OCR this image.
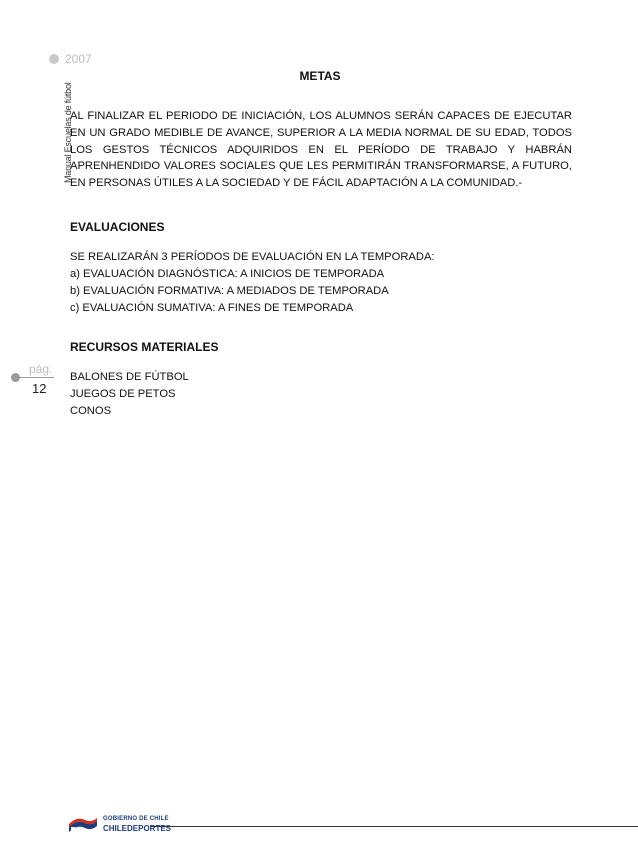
Manual Escuelas de fútbol
2007
pág.
12
METAS
AL FINALIZAR EL PERIODO DE INICIACIÓN, LOS ALUMNOS SERÁN CAPACES DE EJECUTAR
EN UN GRADO MEDIBLE DE AVANCE, SUPERIOR A LA MEDIA NORMAL DE SU EDAD, TODOS
LOS GESTOS TÉCNICOS ADQUIRIDOS EN EL PERÍODO DE TRABAJO Y HABRÁN
APRENHENDIDO VALORES SOCIALES QUE LES PERMITIRÁN TRANSFORMARSE, A FUTURO,
EN PERSONAS ÚTILES A LA SOCIEDAD Y DE FÁCIL ADAPTACIÓN A LA COMUNIDAD.-
EVALUACIONES
SE REALIZARÁN 3 PERÍODOS DE EVALUACIÓN EN LA TEMPORADA:
a) EVALUACIÓN DIAGNÓSTICA: A INICIOS DE TEMPORADA
b) EVALUACIÓN FORMATIVA: A MEDIADOS DE TEMPORADA
c) EVALUACIÓN SUMATIVA: A FINES DE TEMPORADA
RECURSOS MATERIALES
BALONES DE FÚTBOL
JUEGOS DE PETOS
CONOS
GOBIERNO DE CHILE
CHILEDEPORTES
